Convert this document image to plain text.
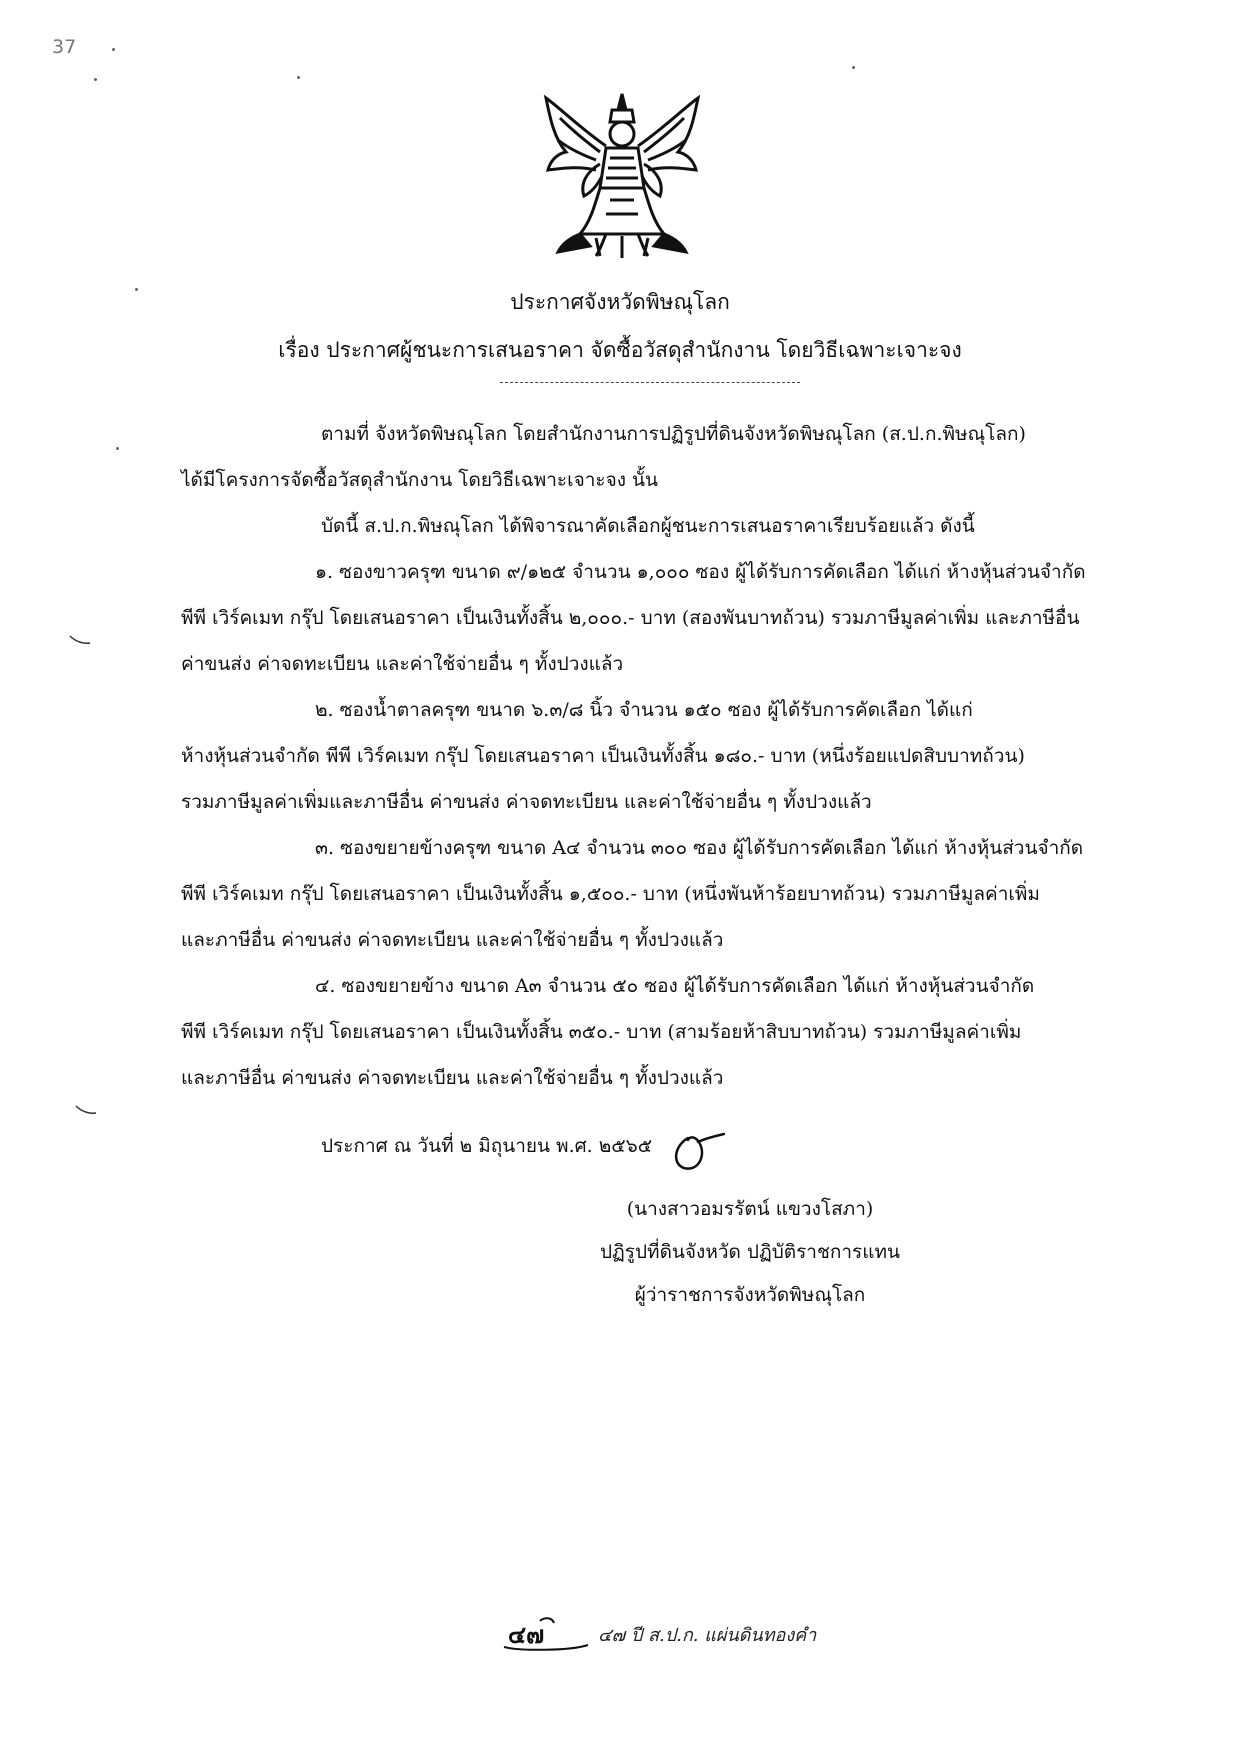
37
ประกาศจังหวัดพิษณุโลก
เรื่อง ประกาศผู้ชนะการเสนอราคา จัดซื้อวัสดุสำนักงาน โดยวิธีเฉพาะเจาะจง

ตามที่ จังหวัดพิษณุโลก โดยสำนักงานการปฏิรูปที่ดินจังหวัดพิษณุโลก (ส.ป.ก.พิษณุโลก)

ได้มีโครงการจัดซื้อวัสดุสำนักงาน โดยวิธีเฉพาะเจาะจง นั้น

บัดนี้ ส.ป.ก.พิษณุโลก ได้พิจารณาคัดเลือกผู้ชนะการเสนอราคาเรียบร้อยแล้ว ดังนี้

๑. ซองขาวครุฑ ขนาด ๙/๑๒๕ จำนวน ๑,๐๐๐ ซอง ผู้ได้รับการคัดเลือก ได้แก่ ห้างหุ้นส่วนจำกัด

พีพี เวิร์คเมท กรุ๊ป โดยเสนอราคา เป็นเงินทั้งสิ้น ๒,๐๐๐.- บาท (สองพันบาทถ้วน) รวมภาษีมูลค่าเพิ่ม และภาษีอื่น

ค่าขนส่ง ค่าจดทะเบียน และค่าใช้จ่ายอื่น ๆ ทั้งปวงแล้ว

๒. ซองน้ำตาลครุฑ ขนาด ๖.๓/๘ นิ้ว จำนวน ๑๕๐ ซอง ผู้ได้รับการคัดเลือก ได้แก่

ห้างหุ้นส่วนจำกัด พีพี เวิร์คเมท กรุ๊ป โดยเสนอราคา เป็นเงินทั้งสิ้น ๑๘๐.- บาท (หนึ่งร้อยแปดสิบบาทถ้วน)

รวมภาษีมูลค่าเพิ่มและภาษีอื่น ค่าขนส่ง ค่าจดทะเบียน และค่าใช้จ่ายอื่น ๆ ทั้งปวงแล้ว

๓. ซองขยายข้างครุฑ ขนาด A๔ จำนวน ๓๐๐ ซอง ผู้ได้รับการคัดเลือก ได้แก่ ห้างหุ้นส่วนจำกัด

พีพี เวิร์คเมท กรุ๊ป โดยเสนอราคา เป็นเงินทั้งสิ้น ๑,๕๐๐.- บาท (หนึ่งพันห้าร้อยบาทถ้วน) รวมภาษีมูลค่าเพิ่ม

และภาษีอื่น ค่าขนส่ง ค่าจดทะเบียน และค่าใช้จ่ายอื่น ๆ ทั้งปวงแล้ว

๔. ซองขยายข้าง ขนาด A๓ จำนวน ๕๐ ซอง ผู้ได้รับการคัดเลือก ได้แก่ ห้างหุ้นส่วนจำกัด

พีพี เวิร์คเมท กรุ๊ป โดยเสนอราคา เป็นเงินทั้งสิ้น ๓๕๐.- บาท (สามร้อยห้าสิบบาทถ้วน) รวมภาษีมูลค่าเพิ่ม

และภาษีอื่น ค่าขนส่ง ค่าจดทะเบียน และค่าใช้จ่ายอื่น ๆ ทั้งปวงแล้ว

ประกาศ ณ วันที่ ๒ มิถุนายน พ.ศ. ๒๕๖๕

(นางสาวอมรรัตน์ แขวงโสภา)
ปฏิรูปที่ดินจังหวัด ปฏิบัติราชการแทน
ผู้ว่าราชการจังหวัดพิษณุโลก
๔๗	๔๗ ปี ส.ป.ก. แผ่นดินทองคำ
